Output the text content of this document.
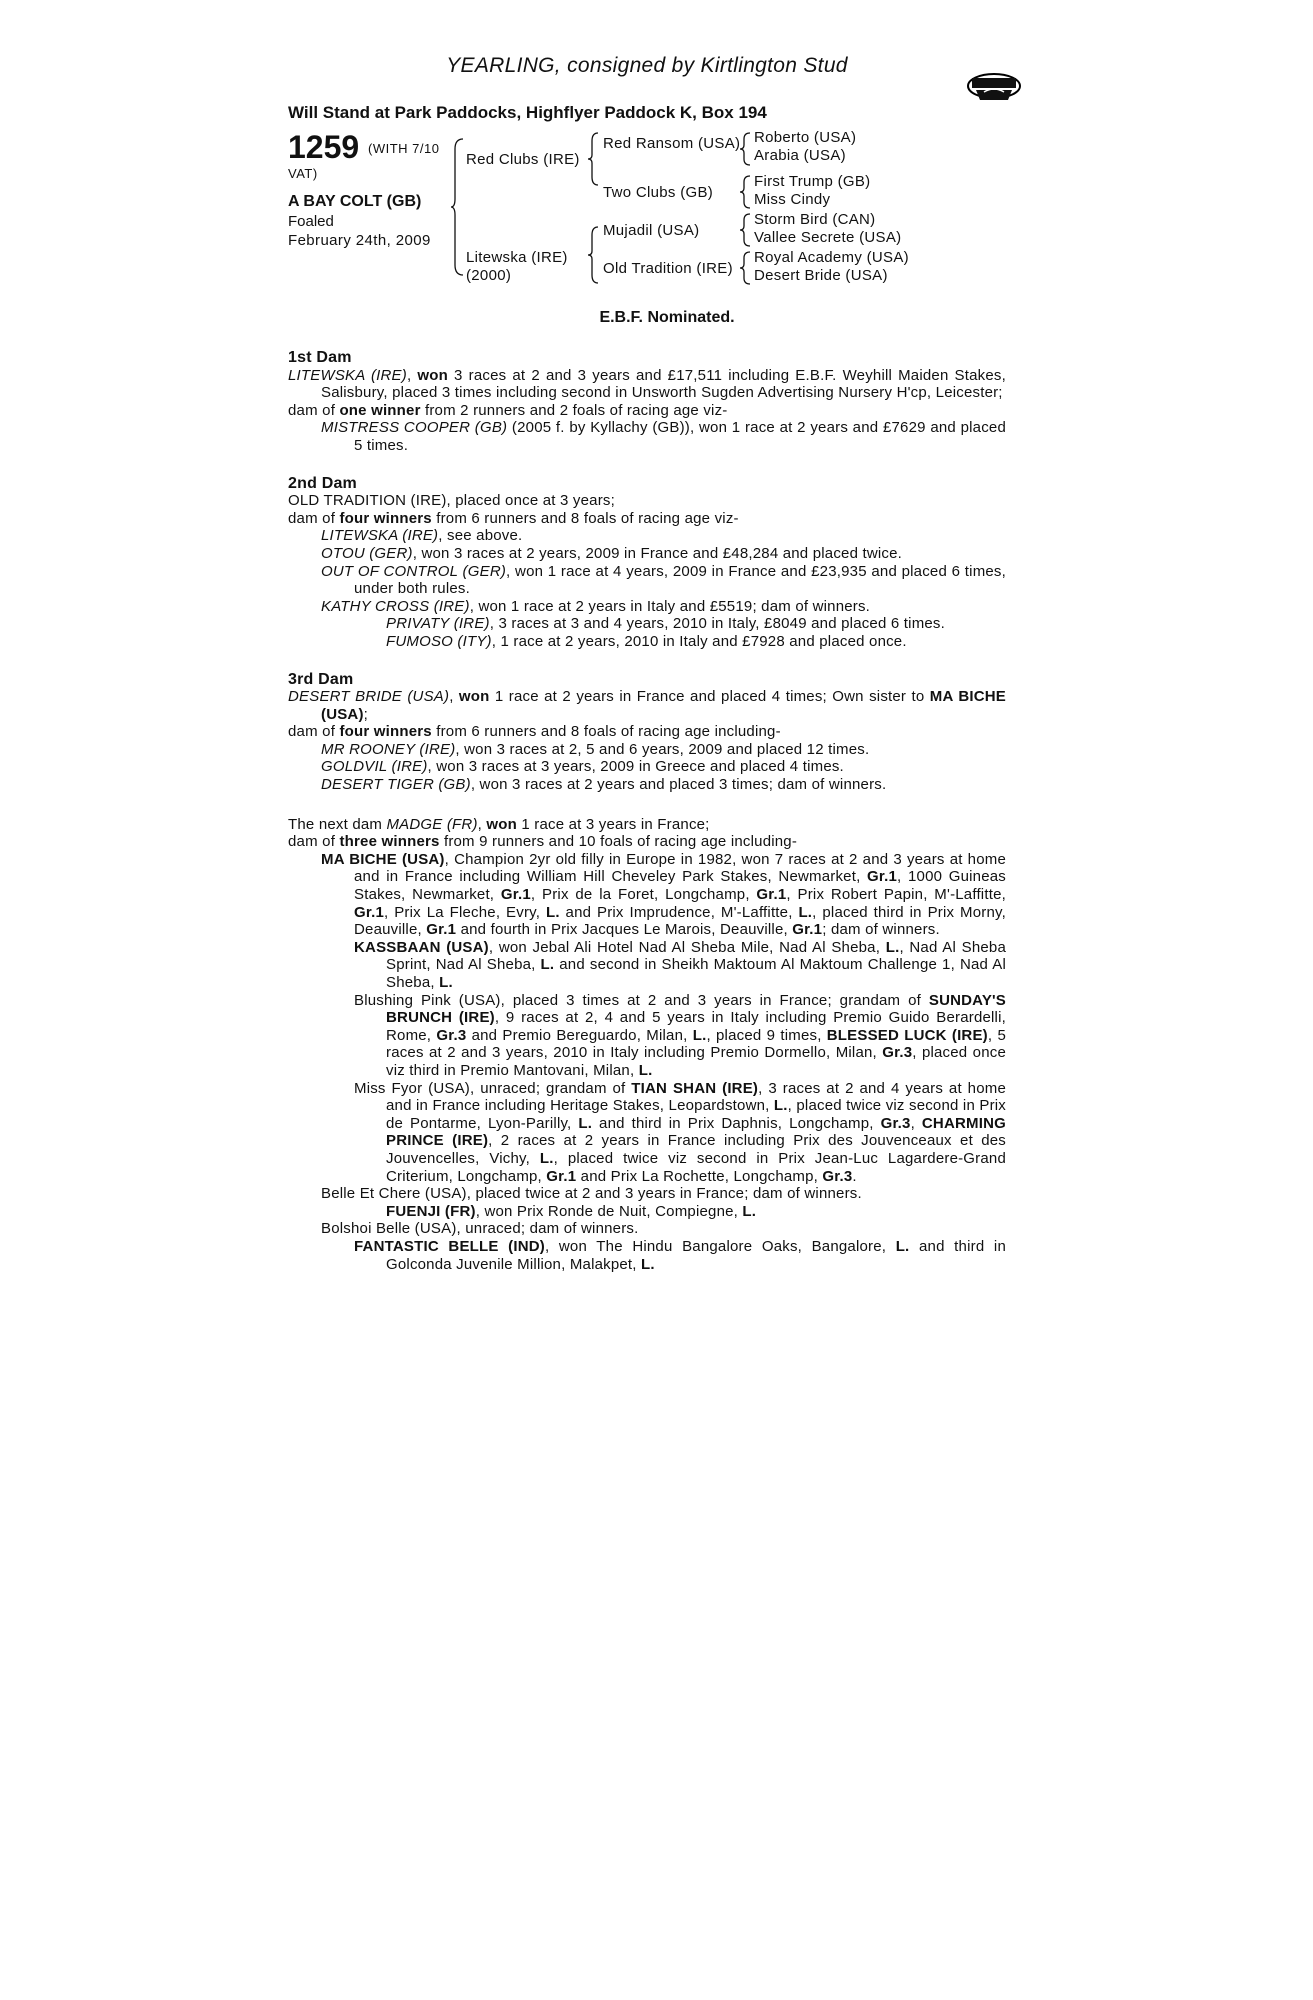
YEARLING, consigned by Kirtlington Stud
Will Stand at Park Paddocks, Highflyer Paddock K, Box 194
1259 (WITH 7/10
VAT)
A BAY COLT (GB)
Foaled
February 24th, 2009
Red Clubs (IRE)
Litewska (IRE)
(2000)
Red Ransom (USA)
Two Clubs (GB)
Mujadil (USA)
Old Tradition (IRE)
Roberto (USA)
Arabia (USA)
First Trump (GB)
Miss Cindy
Storm Bird (CAN)
Vallee Secrete (USA)
Royal Academy (USA)
Desert Bride (USA)
E.B.F. Nominated.

1st Dam

LITEWSKA (IRE), won 3 races at 2 and 3 years and £17,511 including E.B.F. Weyhill Maiden Stakes, Salisbury, placed 3 times including second in Unsworth Sugden Advertising Nursery H'cp, Leicester;

dam of one winner from 2 runners and 2 foals of racing age viz-

MISTRESS COOPER (GB) (2005 f. by Kyllachy (GB)), won 1 race at 2 years and £7629 and placed 5 times.

2nd Dam

OLD TRADITION (IRE), placed once at 3 years;

dam of four winners from 6 runners and 8 foals of racing age viz-

LITEWSKA (IRE), see above.

OTOU (GER), won 3 races at 2 years, 2009 in France and £48,284 and placed twice.

OUT OF CONTROL (GER), won 1 race at 4 years, 2009 in France and £23,935 and placed 6 times, under both rules.

KATHY CROSS (IRE), won 1 race at 2 years in Italy and £5519; dam of winners.

PRIVATY (IRE), 3 races at 3 and 4 years, 2010 in Italy, £8049 and placed 6 times.

FUMOSO (ITY), 1 race at 2 years, 2010 in Italy and £7928 and placed once.

3rd Dam

DESERT BRIDE (USA), won 1 race at 2 years in France and placed 4 times; Own sister to MA BICHE (USA);

dam of four winners from 6 runners and 8 foals of racing age including-

MR ROONEY (IRE), won 3 races at 2, 5 and 6 years, 2009 and placed 12 times.

GOLDVIL (IRE), won 3 races at 3 years, 2009 in Greece and placed 4 times.

DESERT TIGER (GB), won 3 races at 2 years and placed 3 times; dam of winners.

The next dam MADGE (FR), won 1 race at 3 years in France;

dam of three winners from 9 runners and 10 foals of racing age including-

MA BICHE (USA), Champion 2yr old filly in Europe in 1982, won 7 races at 2 and 3 years at home and in France including William Hill Cheveley Park Stakes, Newmarket, Gr.1, 1000 Guineas Stakes, Newmarket, Gr.1, Prix de la Foret, Longchamp, Gr.1, Prix Robert Papin, M'-Laffitte, Gr.1, Prix La Fleche, Evry, L. and Prix Imprudence, M'-Laffitte, L., placed third in Prix Morny, Deauville, Gr.1 and fourth in Prix Jacques Le Marois, Deauville, Gr.1; dam of winners.

KASSBAAN (USA), won Jebal Ali Hotel Nad Al Sheba Mile, Nad Al Sheba, L., Nad Al Sheba Sprint, Nad Al Sheba, L. and second in Sheikh Maktoum Al Maktoum Challenge 1, Nad Al Sheba, L.

Blushing Pink (USA), placed 3 times at 2 and 3 years in France; grandam of SUNDAY'S BRUNCH (IRE), 9 races at 2, 4 and 5 years in Italy including Premio Guido Berardelli, Rome, Gr.3 and Premio Bereguardo, Milan, L., placed 9 times, BLESSED LUCK (IRE), 5 races at 2 and 3 years, 2010 in Italy including Premio Dormello, Milan, Gr.3, placed once viz third in Premio Mantovani, Milan, L.

Miss Fyor (USA), unraced; grandam of TIAN SHAN (IRE), 3 races at 2 and 4 years at home and in France including Heritage Stakes, Leopardstown, L., placed twice viz second in Prix de Pontarme, Lyon-Parilly, L. and third in Prix Daphnis, Longchamp, Gr.3, CHARMING PRINCE (IRE), 2 races at 2 years in France including Prix des Jouvenceaux et des Jouvencelles, Vichy, L., placed twice viz second in Prix Jean-Luc Lagardere-Grand Criterium, Longchamp, Gr.1 and Prix La Rochette, Longchamp, Gr.3.

Belle Et Chere (USA), placed twice at 2 and 3 years in France; dam of winners.

FUENJI (FR), won Prix Ronde de Nuit, Compiegne, L.

Bolshoi Belle (USA), unraced; dam of winners.

FANTASTIC BELLE (IND), won The Hindu Bangalore Oaks, Bangalore, L. and third in Golconda Juvenile Million, Malakpet, L.
